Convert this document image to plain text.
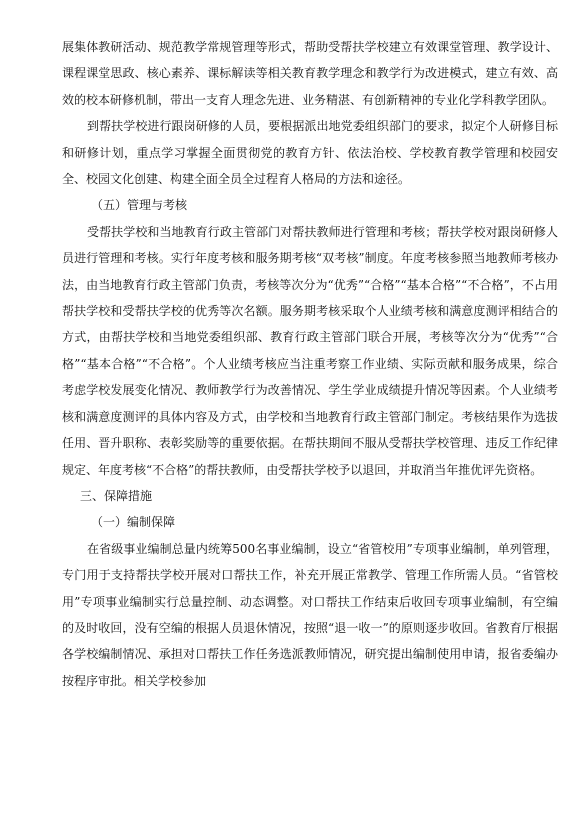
展集体教研活动、规范教学常规管理等形式，帮助受帮扶学校建立有效课堂管理、教学设计、课程课堂思政、核心素养、课标解读等相关教育教学理念和教学行为改进模式，建立有效、高效的校本研修机制，带出一支育人理念先进、业务精湛、有创新精神的专业化学科教学团队。

到帮扶学校进行跟岗研修的人员，要根据派出地党委组织部门的要求，拟定个人研修目标和研修计划，重点学习掌握全面贯彻党的教育方针、依法治校、学校教育教学管理和校园安全、校园文化创建、构建全面全员全过程育人格局的方法和途径。

（五）管理与考核

受帮扶学校和当地教育行政主管部门对帮扶教师进行管理和考核；帮扶学校对跟岗研修人员进行管理和考核。实行年度考核和服务期考核“双考核”制度。年度考核参照当地教师考核办法，由当地教育行政主管部门负责，考核等次分为“优秀”“合格”“基本合格”“不合格”，不占用帮扶学校和受帮扶学校的优秀等次名额。服务期考核采取个人业绩考核和满意度测评相结合的方式，由帮扶学校和当地党委组织部、教育行政主管部门联合开展，考核等次分为“优秀”“合格”“基本合格”“不合格”。个人业绩考核应当注重考察工作业绩、实际贡献和服务成果，综合考虑学校发展变化情况、教师教学行为改善情况、学生学业成绩提升情况等因素。个人业绩考核和满意度测评的具体内容及方式，由学校和当地教育行政主管部门制定。考核结果作为选拔任用、晋升职称、表彰奖励等的重要依据。在帮扶期间不服从受帮扶学校管理、违反工作纪律规定、年度考核“不合格”的帮扶教师，由受帮扶学校予以退回，并取消当年推优评先资格。

三、保障措施

（一）编制保障

在省级事业编制总量内统筹500名事业编制，设立“省管校用”专项事业编制，单列管理，专门用于支持帮扶学校开展对口帮扶工作，补充开展正常教学、管理工作所需人员。“省管校用”专项事业编制实行总量控制、动态调整。对口帮扶工作结束后收回专项事业编制，有空编的及时收回，没有空编的根据人员退休情况，按照“退一收一”的原则逐步收回。省教育厅根据各学校编制情况、承担对口帮扶工作任务选派教师情况，研究提出编制使用申请，报省委编办按程序审批。相关学校参加
